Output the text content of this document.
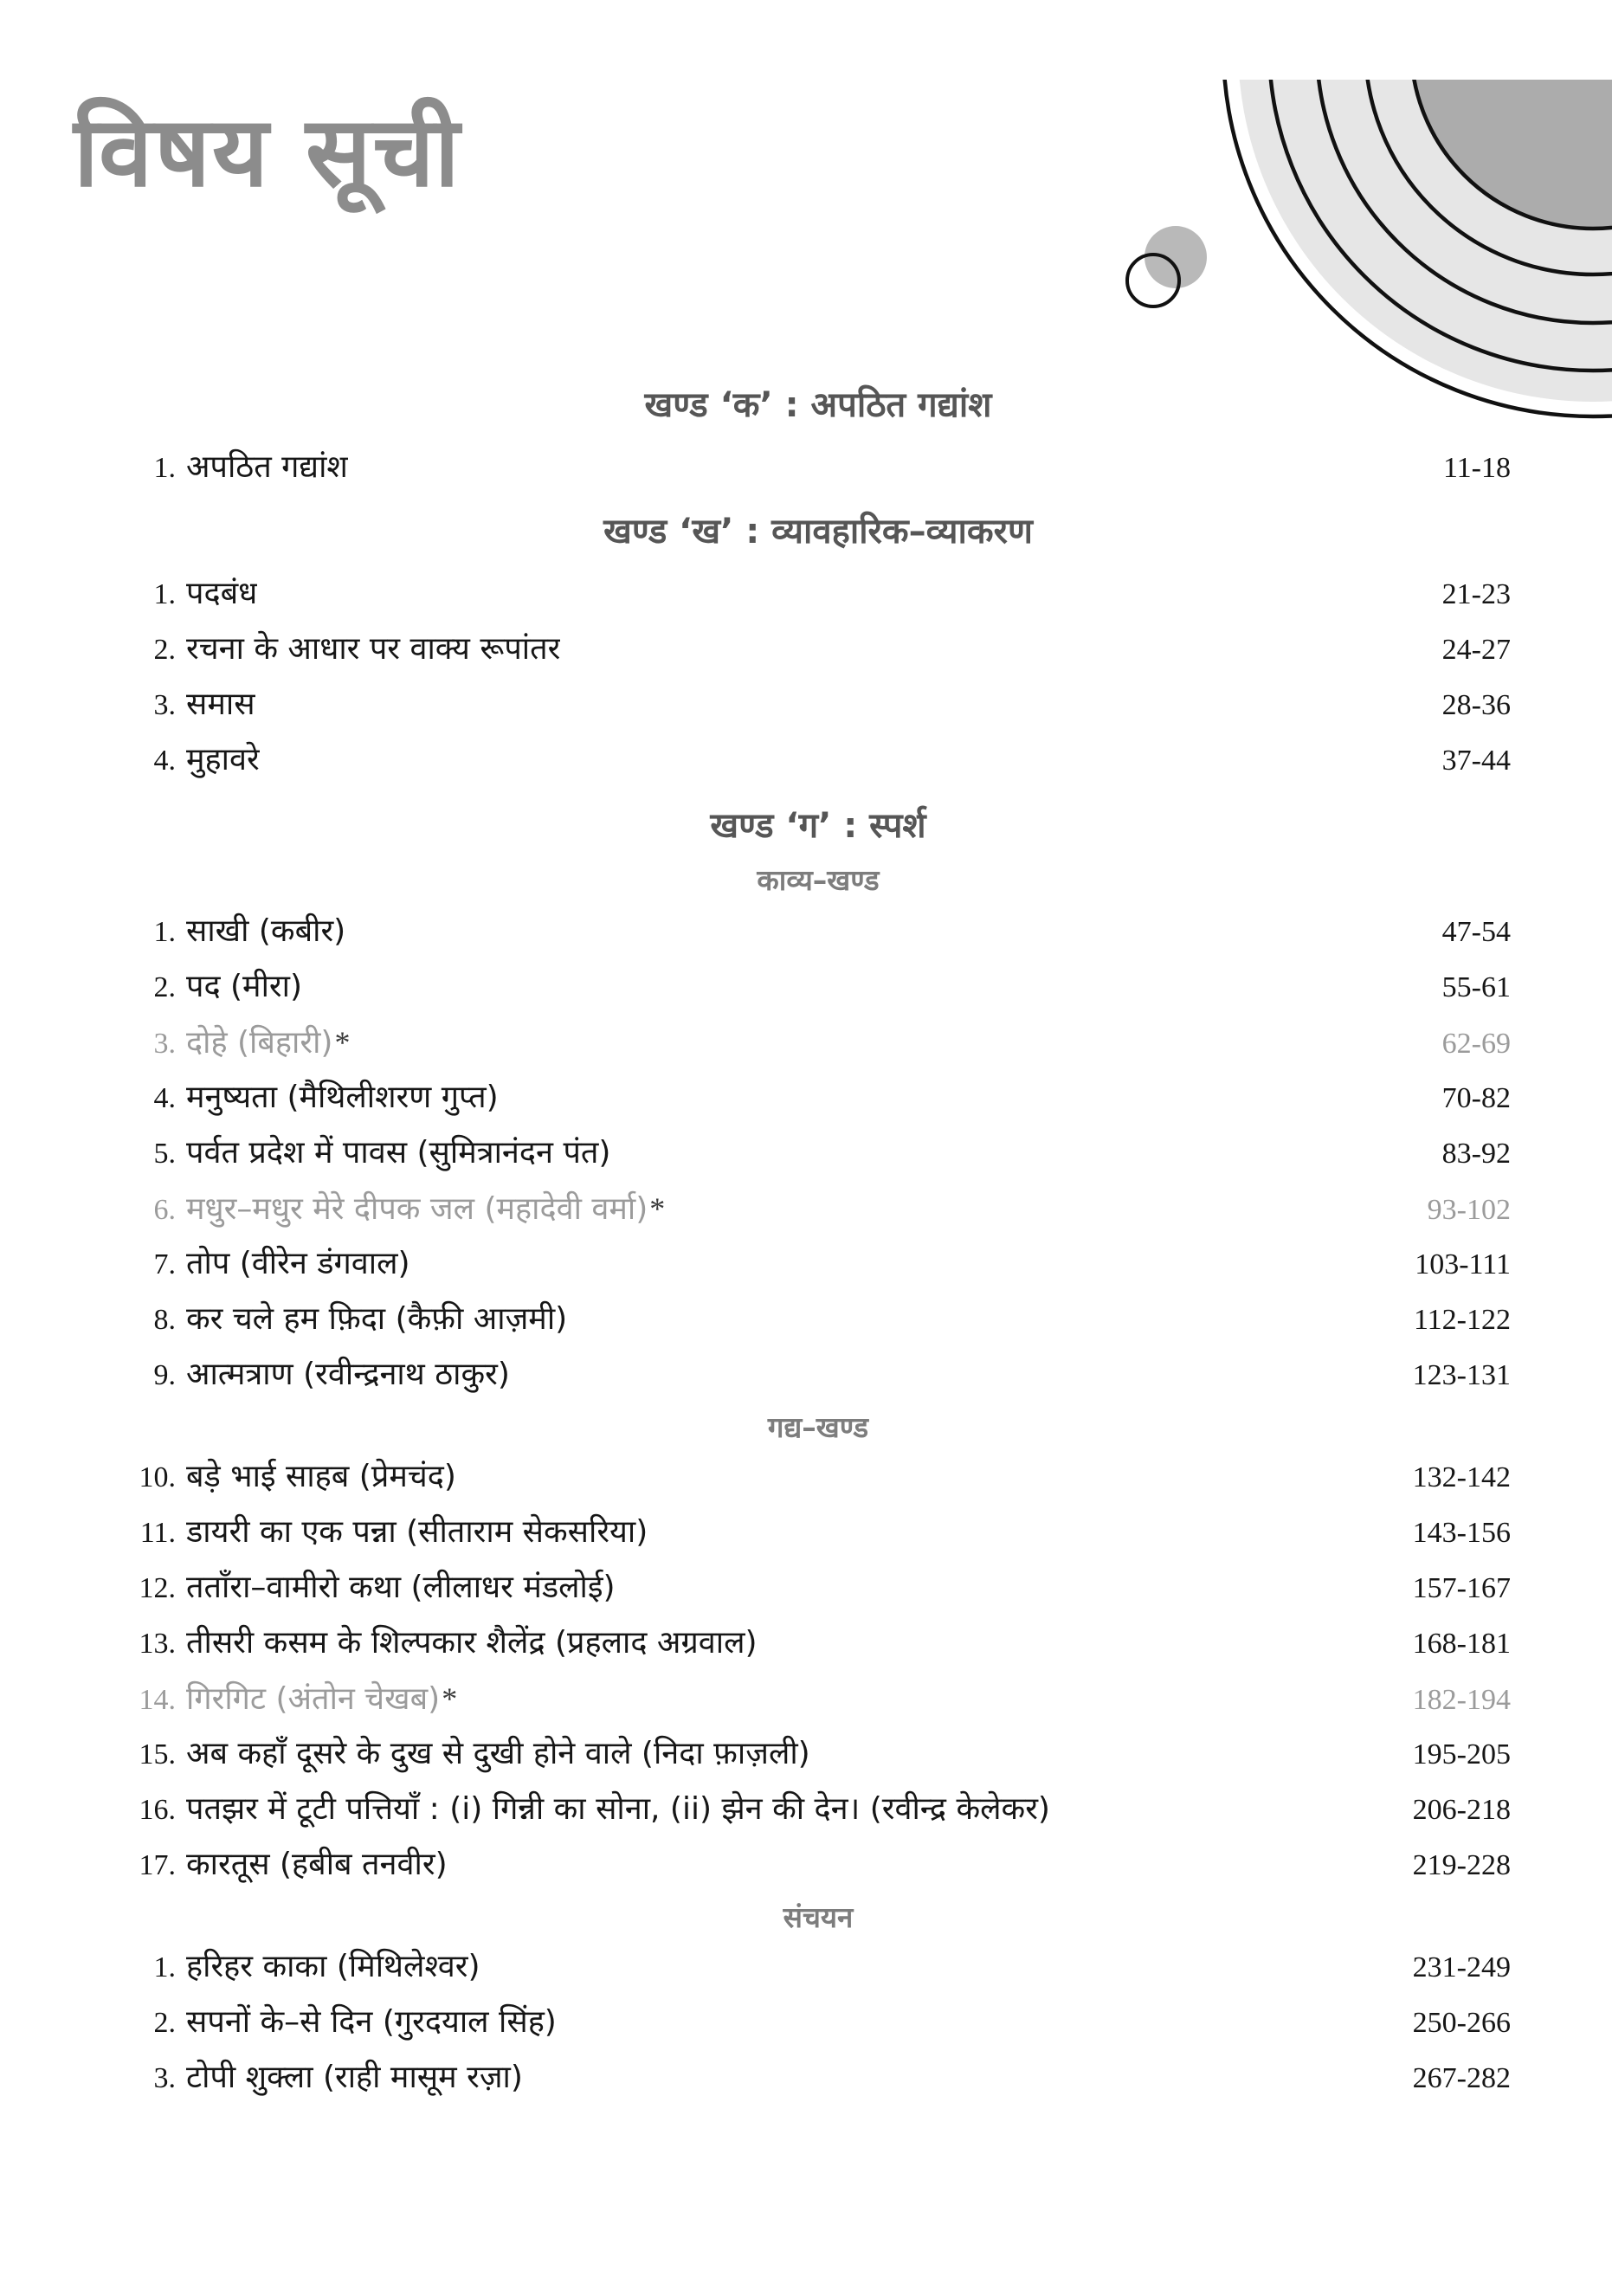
विषय सूची
खण्ड ‘क’ : अपठित गद्यांश
1. अपठित गद्यांश	11-18
खण्ड ‘ख’ : व्यावहारिक–व्याकरण
1. पदबंध	21-23
2. रचना के आधार पर वाक्य रूपांतर	24-27
3. समास	28-36
4. मुहावरे	37-44
खण्ड ‘ग’ : स्पर्श
काव्य–खण्ड
1. साखी (कबीर)	47-54
2. पद (मीरा)	55-61
3. दोहे (बिहारी) *	62-69
4. मनुष्यता (मैथिलीशरण गुप्त)	70-82
5. पर्वत प्रदेश में पावस (सुमित्रानंदन पंत)	83-92
6. मधुर–मधुर मेरे दीपक जल (महादेवी वर्मा) *	93-102
7. तोप (वीरेन डंगवाल)	103-111
8. कर चले हम फ़िदा (कैफ़ी आज़मी)	112-122
9. आत्मत्राण (रवीन्द्रनाथ ठाकुर)	123-131
गद्य–खण्ड
10. बड़े भाई साहब (प्रेमचंद)	132-142
11. डायरी का एक पन्ना (सीताराम सेकसरिया)	143-156
12. तताँरा–वामीरो कथा (लीलाधर मंडलोई)	157-167
13. तीसरी कसम के शिल्पकार शैलेंद्र (प्रहलाद अग्रवाल)	168-181
14. गिरगिट (अंतोन चेखब) *	182-194
15. अब कहाँ दूसरे के दुख से दुखी होने वाले (निदा फ़ाज़ली)	195-205
16. पतझर में टूटी पत्तियाँ : (i) गिन्नी का सोना, (ii) झेन की देन। (रवीन्द्र केलेकर)	206-218
17. कारतूस (हबीब तनवीर)	219-228
संचयन
1. हरिहर काका (मिथिलेश्वर)	231-249
2. सपनों के–से दिन (गुरदयाल सिंह)	250-266
3. टोपी शुक्ला (राही मासूम रज़ा)	267-282
